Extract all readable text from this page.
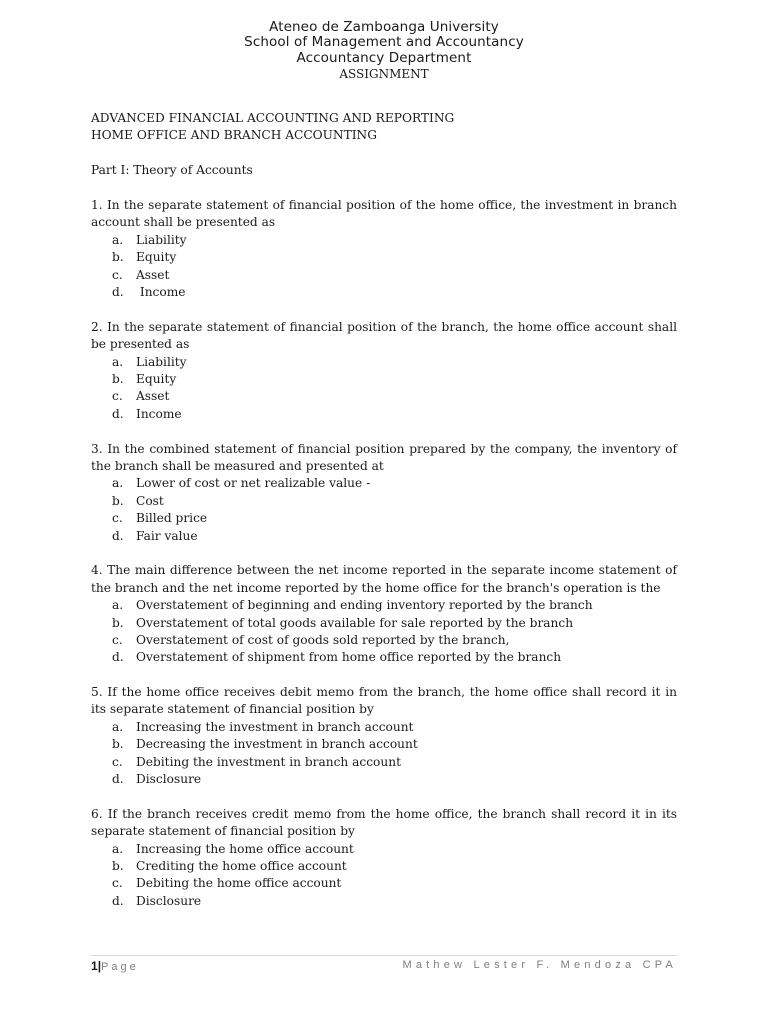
Ateneo de Zamboanga University
School of Management and Accountancy
Accountancy Department
ASSIGNMENT

ADVANCED FINANCIAL ACCOUNTING AND REPORTING

HOME OFFICE AND BRANCH ACCOUNTING

Part I: Theory of Accounts

1. In the separate statement of financial position of the home office, the investment in branch account shall be presented as

a.	Liability
b.	Equity
c.	Asset
d.	Income

2. In the separate statement of financial position of the branch, the home office account shall be presented as

a.	Liability
b.	Equity
c.	Asset
d.	Income

3. In the combined statement of financial position prepared by the company, the inventory of the branch shall be measured and presented at

a.	Lower of cost or net realizable value -
b.	Cost
c.	Billed price
d.	Fair value

4. The main difference between the net income reported in the separate income statement of the branch and the net income reported by the home office for the branch's operation is the

a.	Overstatement of beginning and ending inventory reported by the branch
b.	Overstatement of total goods available for sale reported by the branch
c.	Overstatement of cost of goods sold reported by the branch,
d.	Overstatement of shipment from home office reported by the branch

5. If the home office receives debit memo from the branch, the home office shall record it in its separate statement of financial position by

a.	Increasing the investment in branch account
b.	Decreasing the investment in branch account
c.	Debiting the investment in branch account
d.	Disclosure

6. If the branch receives credit memo from the home office, the branch shall record it in its separate statement of financial position by

a.	Increasing the home office account
b.	Crediting the home office account
c.	Debiting the home office account
d.	Disclosure
1|Page	Mathew Lester F. Mendoza CPA
